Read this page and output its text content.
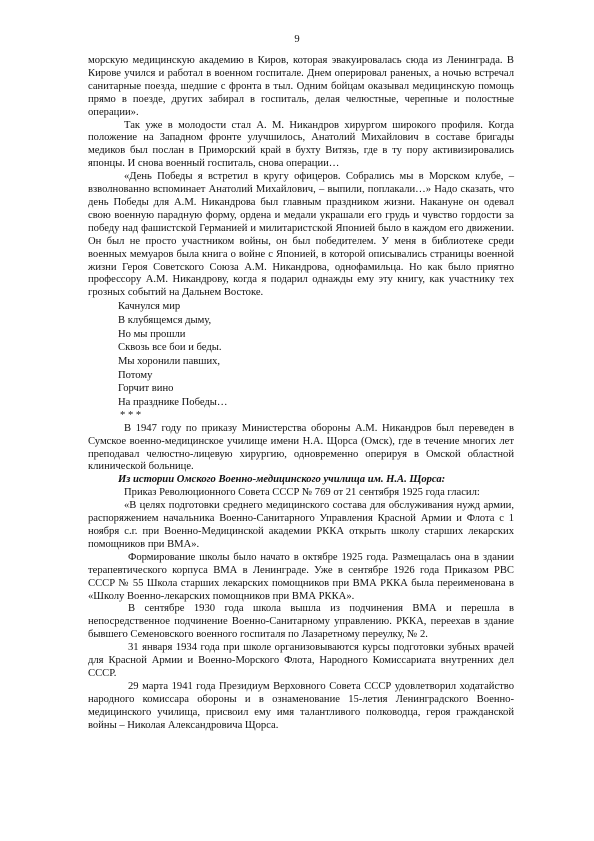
9

морскую медицинскую академию в Киров, которая эвакуировалась сюда из Ленинграда. В Кирове учился и работал в военном госпитале. Днем оперировал раненых, а ночью встречал санитарные поезда, шедшие с фронта в тыл. Одним бойцам оказывал медицинскую помощь прямо в поезде, других забирал в госпиталь, делая челюстные, черепные и полостные операции».

Так уже в молодости стал А. М. Никандров хирургом широкого профиля. Когда положение на Западном фронте улучшилось, Анатолий Михайлович в составе бригады медиков был послан в Приморский край в бухту Витязь, где в ту пору активизировались японцы. И снова военный госпиталь, снова операции…

«День Победы я встретил в кругу офицеров. Собрались мы в Морском клубе, – взволнованно вспоминает Анатолий Михайлович, – выпили, поплакали…» Надо сказать, что день Победы для А.М. Никандрова был главным праздником жизни. Накануне он одевал свою военную парадную форму, ордена и медали украшали его грудь и чувство гордости за победу над фашистской Германией и милитаристской Японией было в каждом его движении. Он был не просто участником войны, он был победителем. У меня в библиотеке среди военных мемуаров была книга о войне с Японией, в которой описывались страницы военной жизни Героя Советского Союза А.М. Никандрова, однофамильца. Но как было приятно профессору А.М. Никандрову, когда я подарил однажды ему эту книгу, как участнику тех грозных событий на Дальнем Востоке.

Качнулся мир
В клубящемся дыму,
Но мы прошли
Сквозь все бои и беды.
Мы хоронили павших,
Потому
Горчит вино
На празднике Победы…

* * *

В 1947 году по приказу Министерства обороны А.М. Никандров был переведен в Сумское военно-медицинское училище имени Н.А. Щорса (Омск), где в течение многих лет преподавал челюстно-лицевую хирургию, одновременно оперируя в Омской областной клинической больнице.

Из истории Омского Военно-медицинского училища им. Н.А. Щорса:

Приказ Революционного Совета СССР № 769 от 21 сентября 1925 года гласил:

«В целях подготовки среднего медицинского состава для обслуживания нужд армии, распоряжением начальника Военно-Санитарного Управления Красной Армии и Флота с 1 ноября с.г. при Военно-Медицинской академии РККА открыть школу старших лекарских помощников при ВМА».

Формирование школы было начато в октябре 1925 года. Размещалась она в здании терапевтического корпуса ВМА в Ленинграде. Уже в сентябре 1926 года Приказом РВС СССР № 55 Школа старших лекарских помощников при ВМА РККА была переименована в «Школу Военно-лекарских помощников при ВМА РККА».

В сентябре 1930 года школа вышла из подчинения ВМА и перешла в непосредственное подчинение Военно-Санитарному управлению. РККА, переехав в здание бывшего Семеновского военного госпиталя по Лазаретному переулку, № 2.

31 января 1934 года при школе организовываются курсы подготовки зубных врачей для Красной Армии и Военно-Морского Флота, Народного Комиссариата внутренних дел СССР.

29 марта 1941 года Президиум Верховного Совета СССР удовлетворил ходатайство народного комиссара обороны и в ознаменование 15-летия Ленинградского Военно-медицинского училища, присвоил ему имя талантливого полководца, героя гражданской войны – Николая Александровича Щорса.
